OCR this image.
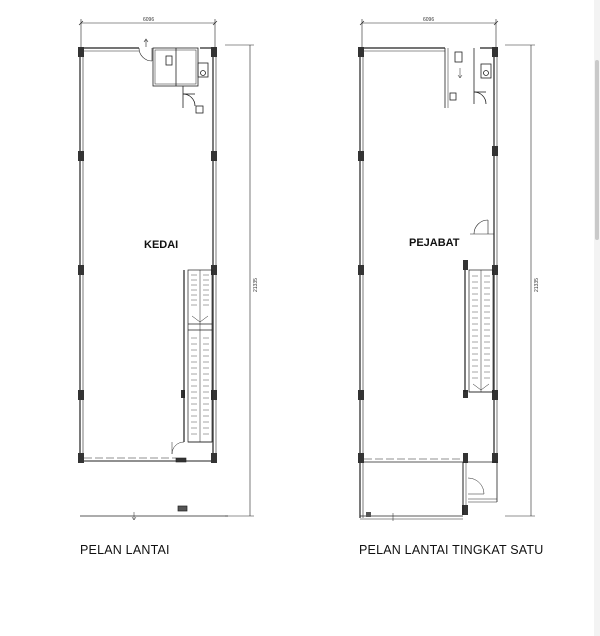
6096
21335
KEDAI
6096
21335
PEJABAT
PELAN LANTAI	PELAN LANTAI TINGKAT SATU
